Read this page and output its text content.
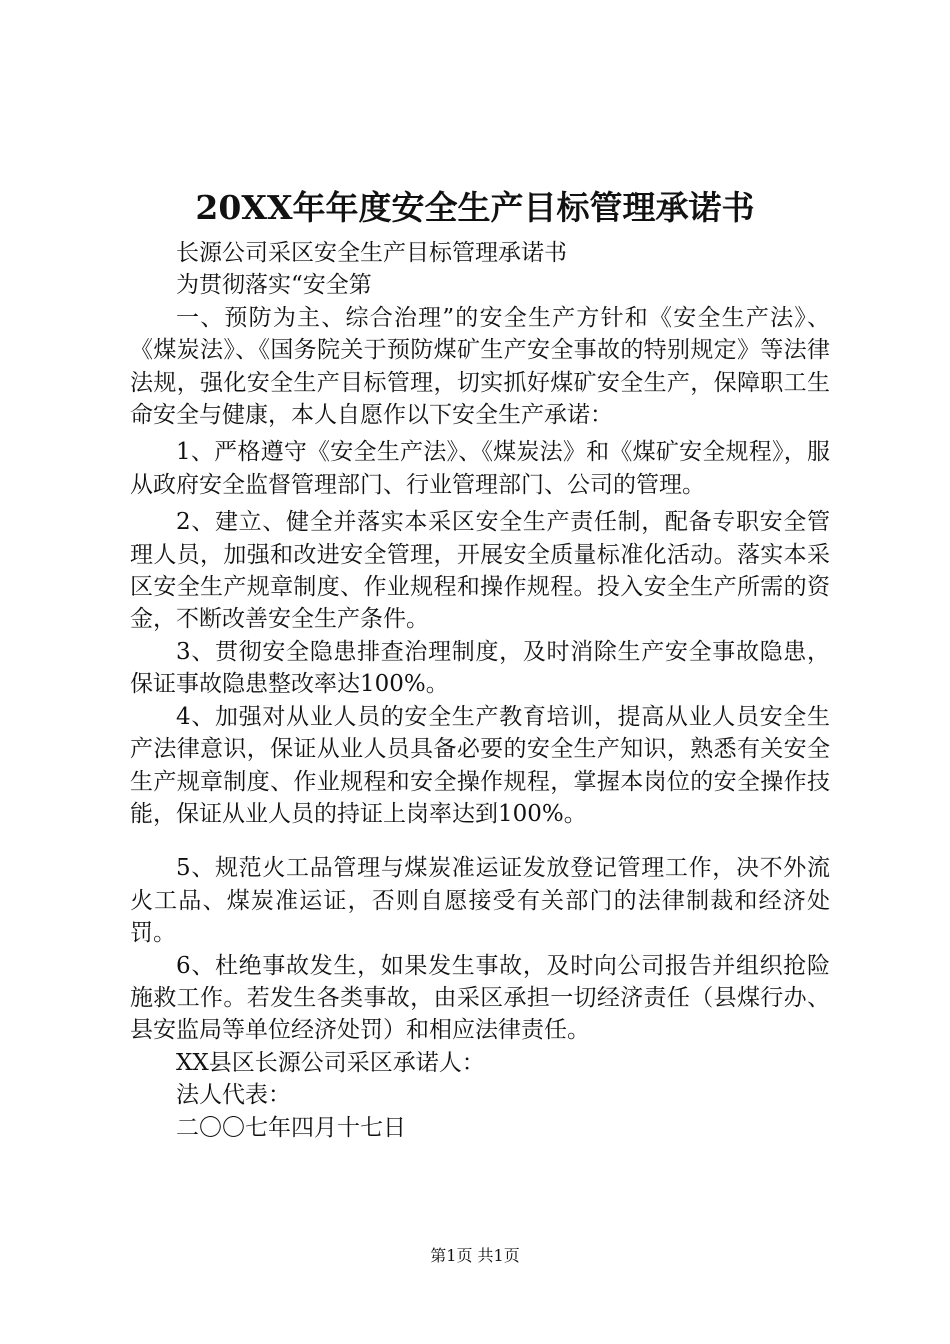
20XX年年度安全生产目标管理承诺书

长源公司采区安全生产目标管理承诺书

为贯彻落实“安全第

一、预防为主、综合治理”的安全生产方针和《安全生产法》、《煤炭法》、《国务院关于预防煤矿生产安全事故的特别规定》等法律法规，强化安全生产目标管理，切实抓好煤矿安全生产，保障职工生命安全与健康，本人自愿作以下安全生产承诺：

1、严格遵守《安全生产法》、《煤炭法》和《煤矿安全规程》，服从政府安全监督管理部门、行业管理部门、公司的管理。

2、建立、健全并落实本采区安全生产责任制，配备专职安全管理人员，加强和改进安全管理，开展安全质量标准化活动。落实本采区安全生产规章制度、作业规程和操作规程。投入安全生产所需的资金，不断改善安全生产条件。

3、贯彻安全隐患排查治理制度，及时消除生产安全事故隐患，保证事故隐患整改率达100%。

4、加强对从业人员的安全生产教育培训，提高从业人员安全生产法律意识，保证从业人员具备必要的安全生产知识，熟悉有关安全生产规章制度、作业规程和安全操作规程，掌握本岗位的安全操作技能，保证从业人员的持证上岗率达到100%。

5、规范火工品管理与煤炭准运证发放登记管理工作，决不外流火工品、煤炭准运证，否则自愿接受有关部门的法律制裁和经济处罚。

6、杜绝事故发生，如果发生事故，及时向公司报告并组织抢险施救工作。若发生各类事故，由采区承担一切经济责任（县煤行办、县安监局等单位经济处罚）和相应法律责任。

XX县区长源公司采区承诺人：

法人代表：

二〇〇七年四月十七日

第1页 共1页
